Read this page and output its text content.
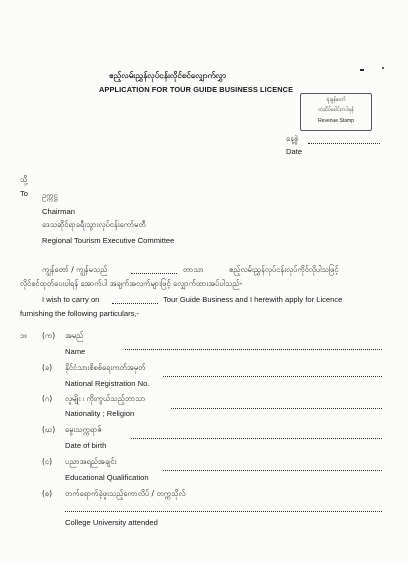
ဧည့်လမ်းညွှန်လုပ်ငန်းလိုင်စင်လျှောက်လွှာ
APPLICATION FOR TOUR GUIDE BUSINESS LICENCE
ရုံးခွန်တော်
တံဆိပ်ခေါင်းကပ်ရန်
Revenue Stamp
နေ့စွဲ
Date
သို့
To ဥက္ကဋ္ဌ
Chairman
ဒေသဆိုင်ရာခရီးသွားလုပ်ငန်းကော်မတီ
Regional Tourism Executive Committee
ကျွန်တော် / ကျွန်မသည်	တာသာ	ဧည့်လမ်းညွှန်လုပ်ငန်းလုပ်ကိုင်လိုပါသဖြင့်
လိုင်စင်ထုတ်ပေးပါရန် အောက်ပါ အချက်အလက်များဖြင့် လျှောက်ထားအပ်ပါသည်-
I wish to carry on	Tour Guide Business and I herewith apply for Licence
furnishing the following particulars,-
၁။ (က) အမည်
Name
(ခ) နိုင်ငံသားစိစစ်ရေးကတ်အမှတ်
National Registration No.
(ဂ) လူမျိုး ၊ ကိုးကွယ်သည့်ဘာသာ
Nationality ; Religion
(ဃ) မွေးသက္ကရာဇ်
Date of birth
(င) ပညာအရည်အချင်း
Educational Qualification
(စ) တက်ရောက်ခဲ့ဖူးသည့်ကောလိပ် / တက္ကသိုလ်
College University attended
